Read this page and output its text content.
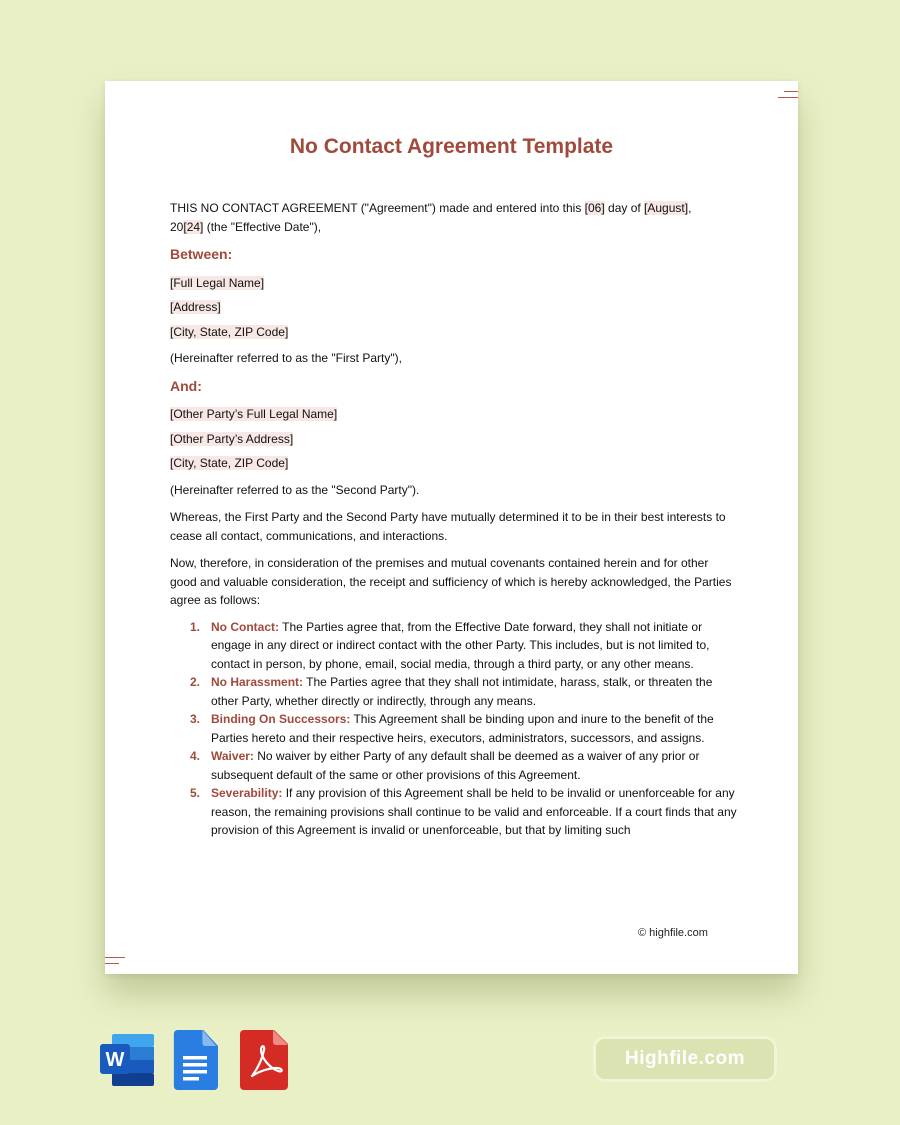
No Contact Agreement Template

THIS NO CONTACT AGREEMENT ("Agreement") made and entered into this [06] day of [August],
20[24] (the "Effective Date"),

Between:

[Full Legal Name]

[Address]

[City, State, ZIP Code]

(Hereinafter referred to as the "First Party"),

And:

[Other Party’s Full Legal Name]

[Other Party’s Address]

[City, State, ZIP Code]

(Hereinafter referred to as the "Second Party").

Whereas, the First Party and the Second Party have mutually determined it to be in their best interests to cease all contact, communications, and interactions.

Now, therefore, in consideration of the premises and mutual covenants contained herein and for other good and valuable consideration, the receipt and sufficiency of which is hereby acknowledged, the Parties agree as follows:

1. No Contact: The Parties agree that, from the Effective Date forward, they shall not initiate or engage in any direct or indirect contact with the other Party. This includes, but is not limited to, contact in person, by phone, email, social media, through a third party, or any other means.
2. No Harassment: The Parties agree that they shall not intimidate, harass, stalk, or threaten the other Party, whether directly or indirectly, through any means.
3. Binding On Successors: This Agreement shall be binding upon and inure to the benefit of the Parties hereto and their respective heirs, executors, administrators, successors, and assigns.
4. Waiver: No waiver by either Party of any default shall be deemed as a waiver of any prior or subsequent default of the same or other provisions of this Agreement.
5. Severability: If any provision of this Agreement shall be held to be invalid or unenforceable for any reason, the remaining provisions shall continue to be valid and enforceable. If a court finds that any provision of this Agreement is invalid or unenforceable, but that by limiting such
© highfile.com
W	Highfile.com
